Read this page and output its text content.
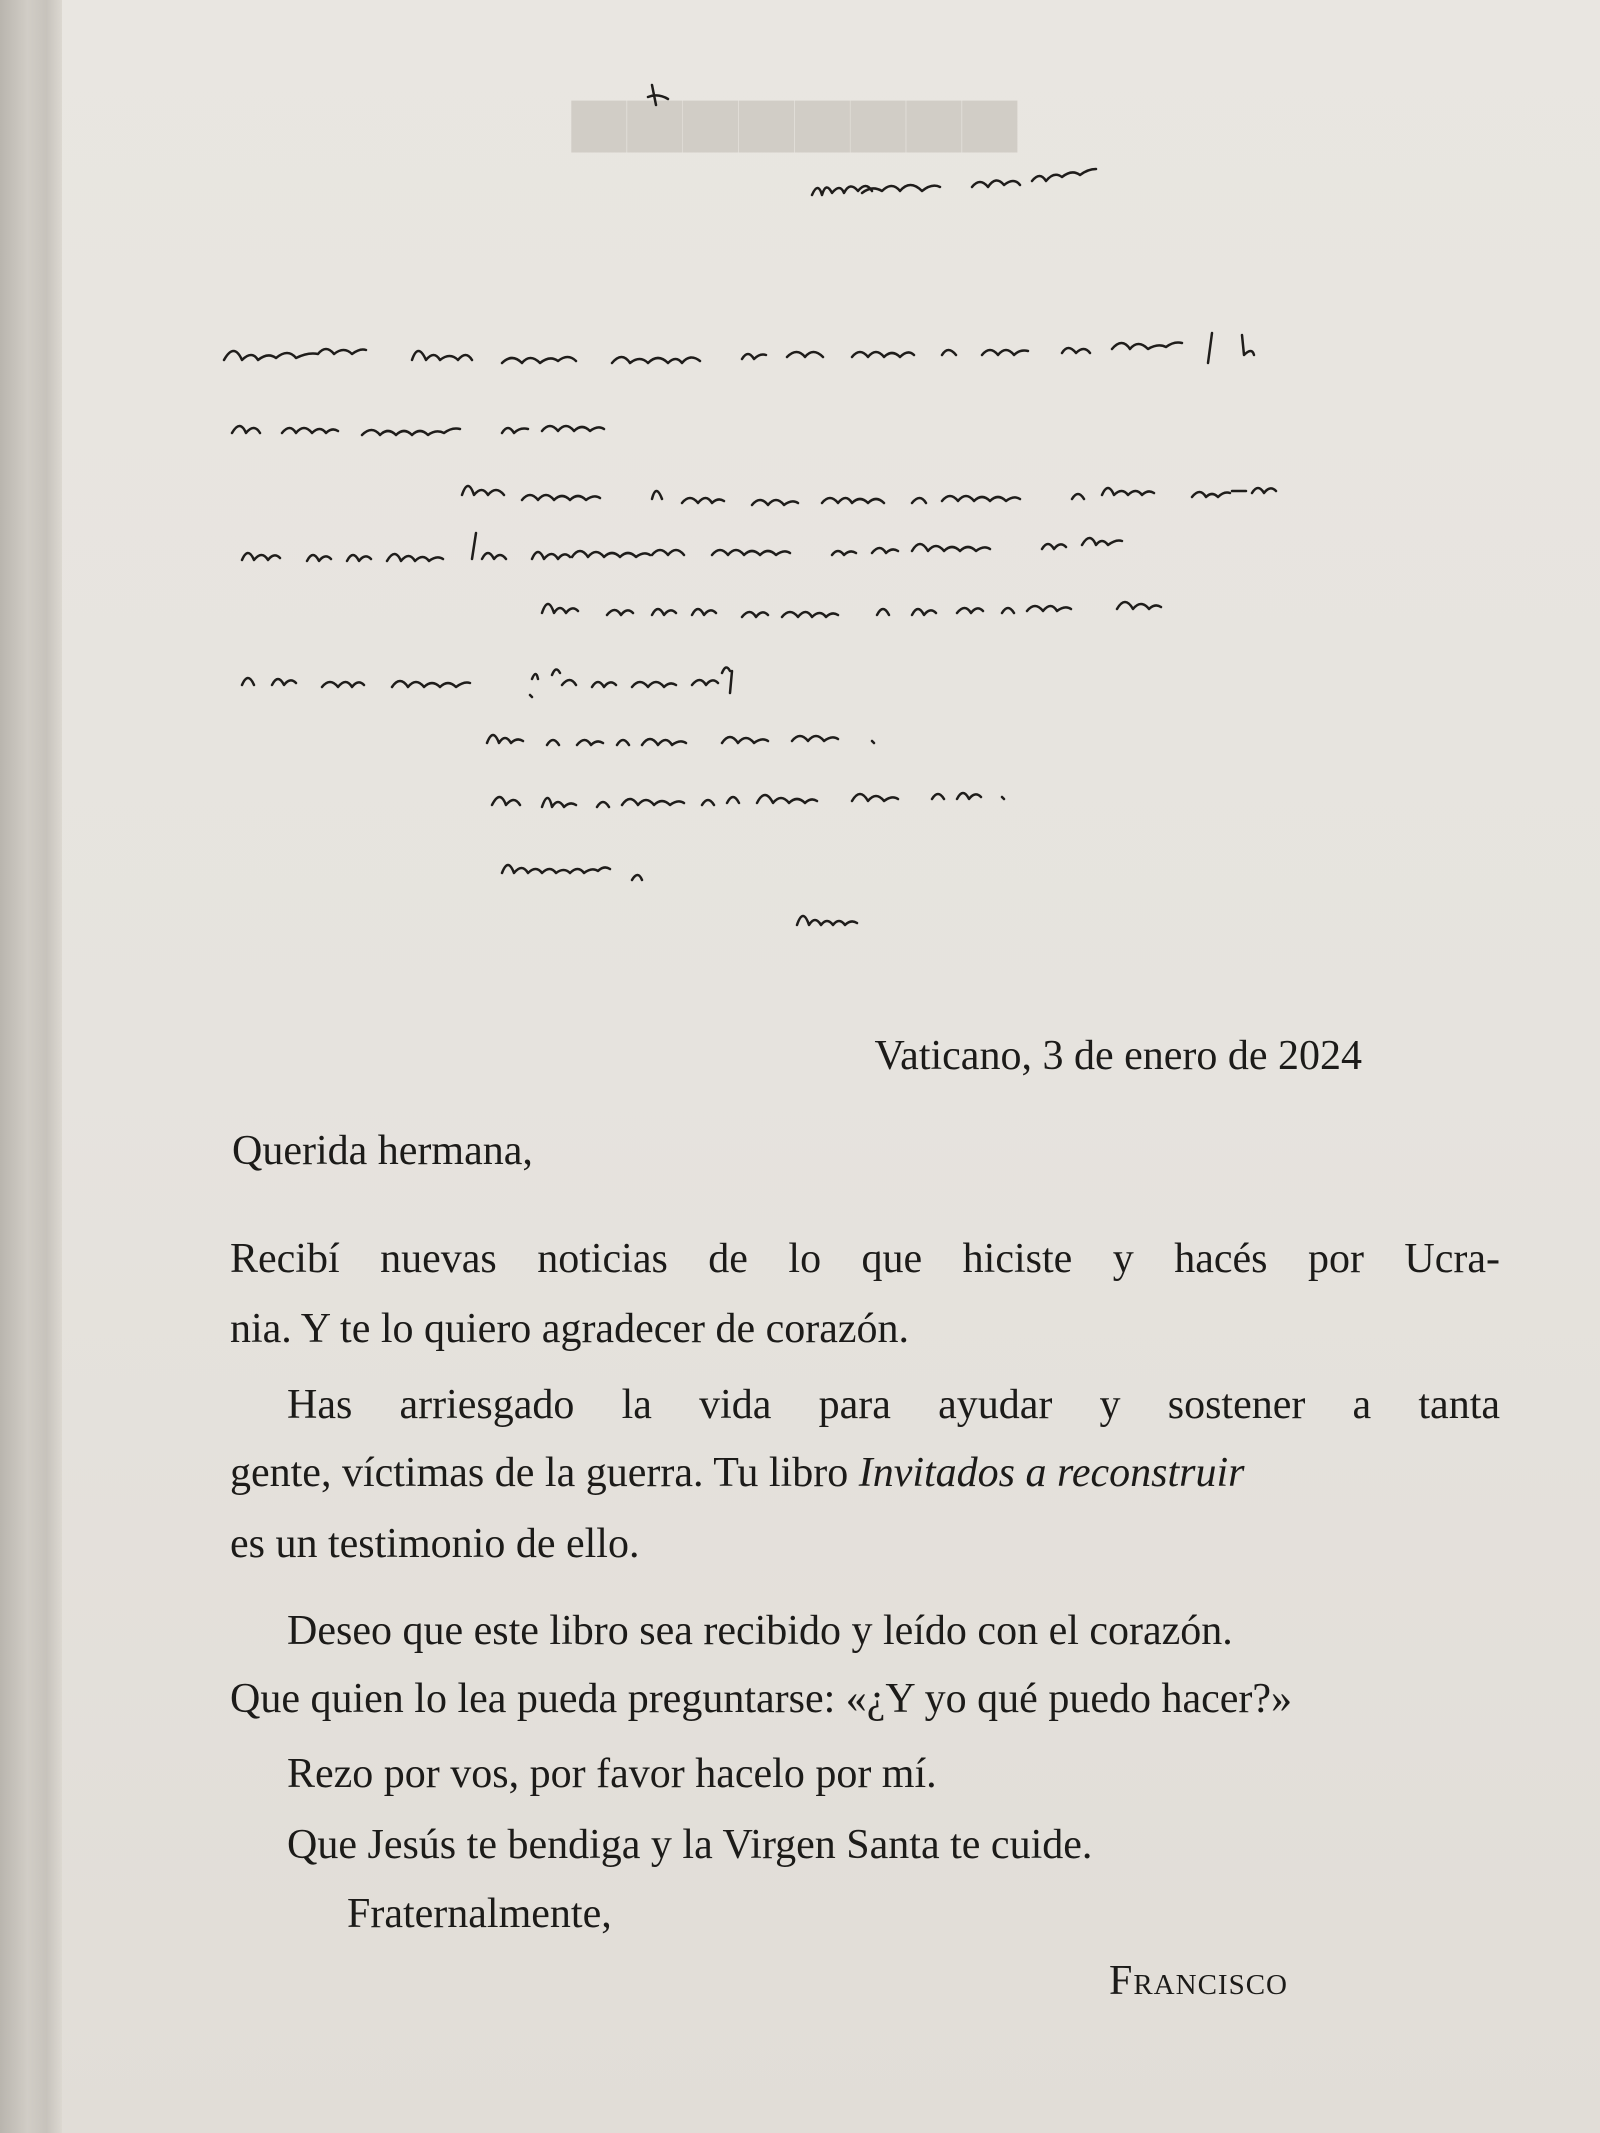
▅▅▅▅▅▅▅▅
Vaticano, 3 de enero de 2024
Querida hermana,
Recibí nuevas noticias de lo que hiciste y hacés por Ucra-
nia. Y te lo quiero agradecer de corazón.
Has arriesgado la vida para ayudar y sostener a tanta
gente, víctimas de la guerra. Tu libro Invitados a reconstruir
es un testimonio de ello.
Deseo que este libro sea recibido y leído con el corazón.
Que quien lo lea pueda preguntarse: «¿Y yo qué puedo hacer?»
Rezo por vos, por favor hacelo por mí.
Que Jesús te bendiga y la Virgen Santa te cuide.
Fraternalmente,
Francisco
